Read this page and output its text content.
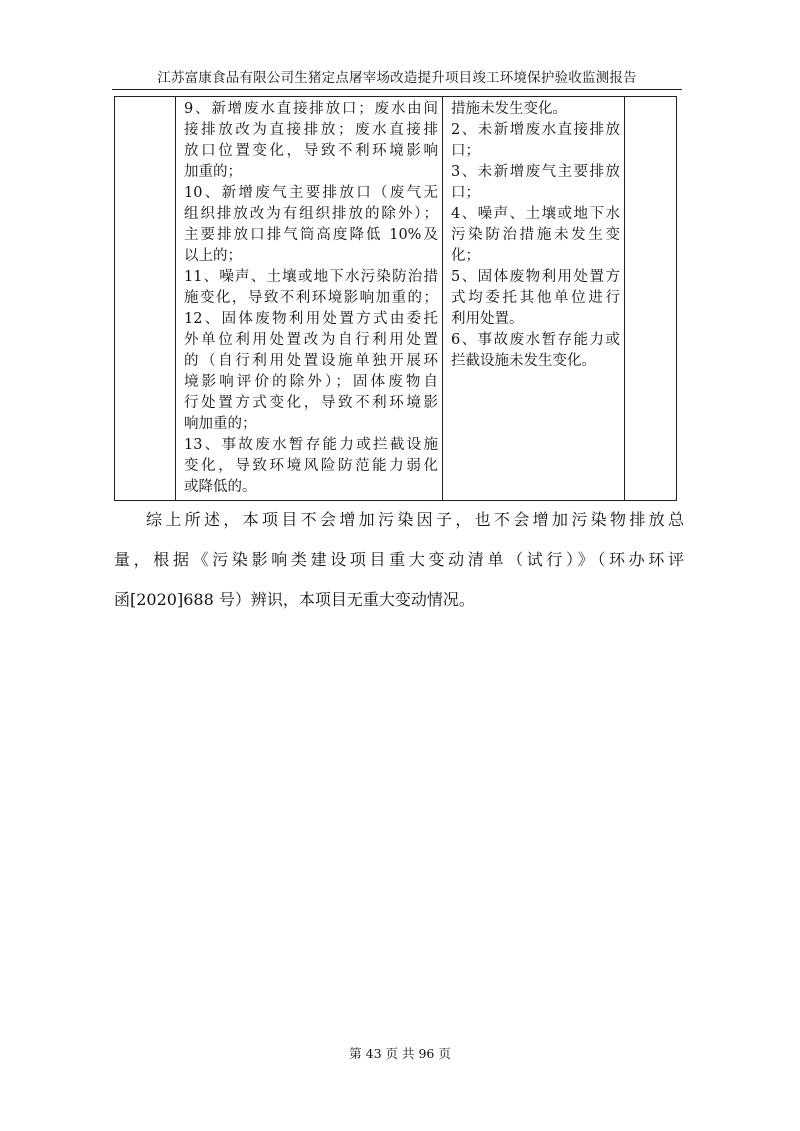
江苏富康食品有限公司生猪定点屠宰场改造提升项目竣工环境保护验收监测报告

9、新增废水直接排放口；废水由间
接排放改为直接排放；废水直接排
放口位置变化，导致不利环境影响
加重的；
10、新增废气主要排放口（废气无
组织排放改为有组织排放的除外）；
主要排放口排气筒高度降低 10%及
以上的；
11、噪声、土壤或地下水污染防治措
施变化，导致不利环境影响加重的；
12、固体废物利用处置方式由委托
外单位利用处置改为自行利用处置
的（自行利用处置设施单独开展环
境影响评价的除外）；固体废物自
行处置方式变化，导致不利环境影
响加重的；
13、事故废水暂存能力或拦截设施
变化，导致环境风险防范能力弱化
或降低的。

措施未发生变化。
2、未新增废水直接排放
口；
3、未新增废气主要排放
口；
4、噪声、土壤或地下水
污染防治措施未发生变
化；
5、固体废物利用处置方
式均委托其他单位进行
利用处置。
6、事故废水暂存能力或
拦截设施未发生变化。

综上所述，本项目不会增加污染因子，也不会增加污染物排放总
量，根据《污染影响类建设项目重大变动清单（试行）》（环办环评
函[2020]688 号）辨识，本项目无重大变动情况。
第 43 页 共 96 页
